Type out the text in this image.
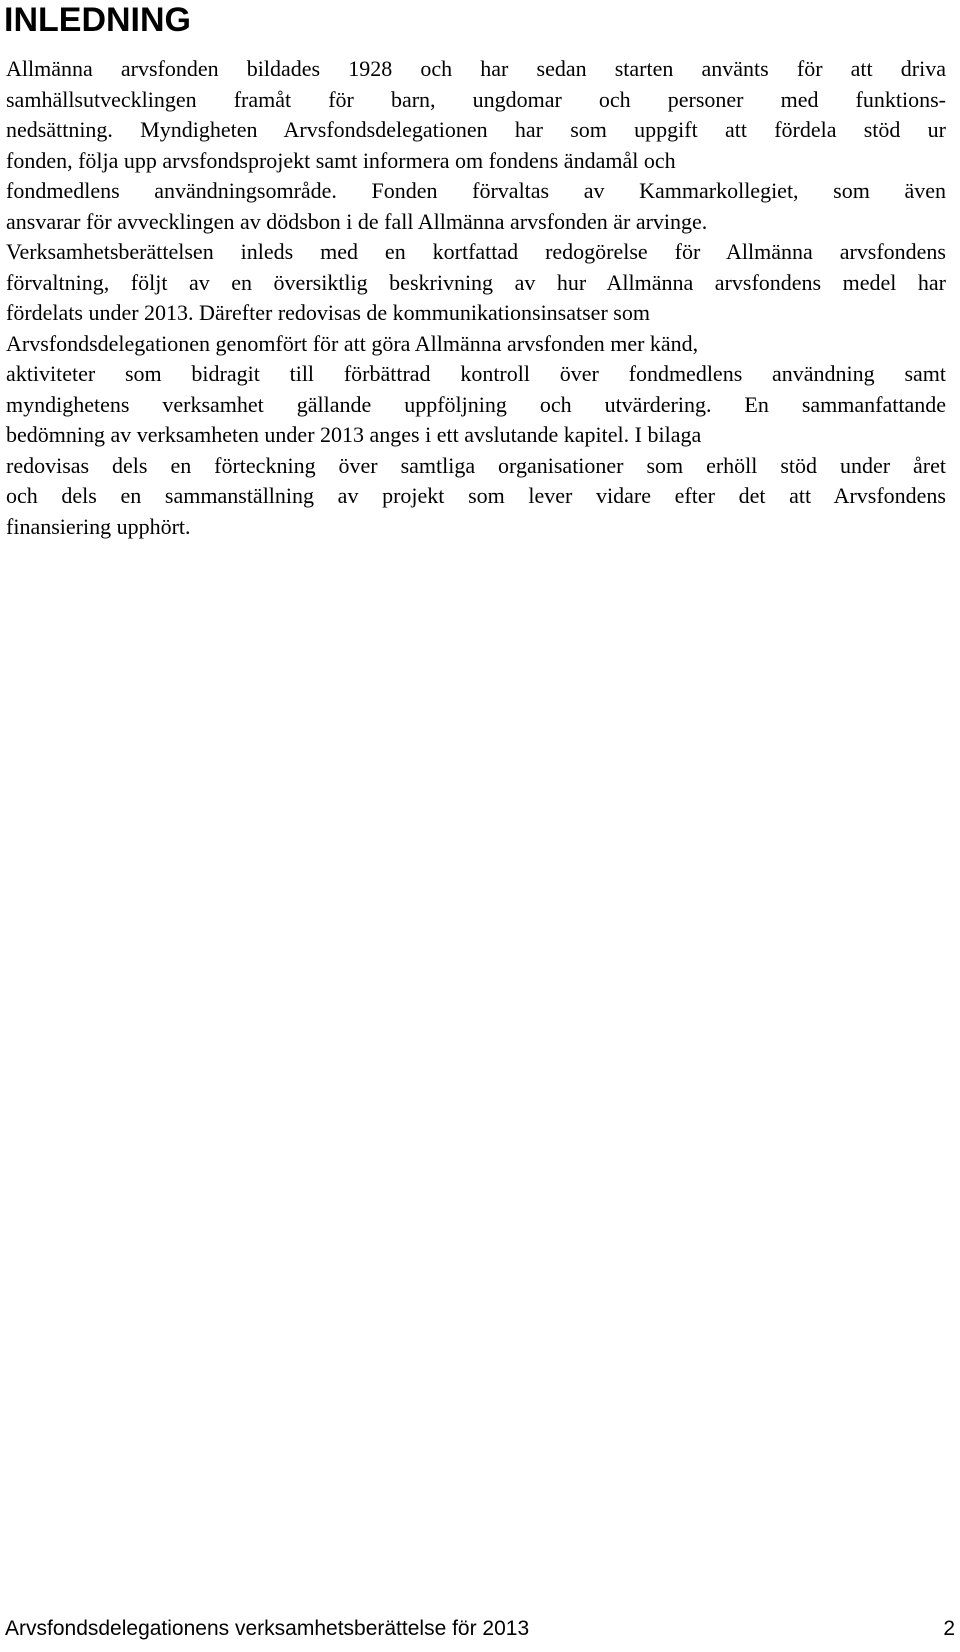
INLEDNING
Allmänna arvsfonden bildades 1928 och har sedan starten använts för att driva
samhällsutvecklingen framåt för barn, ungdomar och personer med funktions-
nedsättning. Myndigheten Arvsfondsdelegationen har som uppgift att fördela stöd ur
fonden, följa upp arvsfondsprojekt samt informera om fondens ändamål och
fondmedlens användningsområde. Fonden förvaltas av Kammarkollegiet, som även
ansvarar för avvecklingen av dödsbon i de fall Allmänna arvsfonden är arvinge.
Verksamhetsberättelsen inleds med en kortfattad redogörelse för Allmänna arvsfondens
förvaltning, följt av en översiktlig beskrivning av hur Allmänna arvsfondens medel har
fördelats under 2013. Därefter redovisas de kommunikationsinsatser som
Arvsfondsdelegationen genomfört för att göra Allmänna arvsfonden mer känd,
aktiviteter som bidragit till förbättrad kontroll över fondmedlens användning samt
myndighetens verksamhet gällande uppföljning och utvärdering. En sammanfattande
bedömning av verksamheten under 2013 anges i ett avslutande kapitel. I bilaga
redovisas dels en förteckning över samtliga organisationer som erhöll stöd under året
och dels en sammanställning av projekt som lever vidare efter det att Arvsfondens
finansiering upphört.
Arvsfondsdelegationens verksamhetsberättelse för 2013	2
